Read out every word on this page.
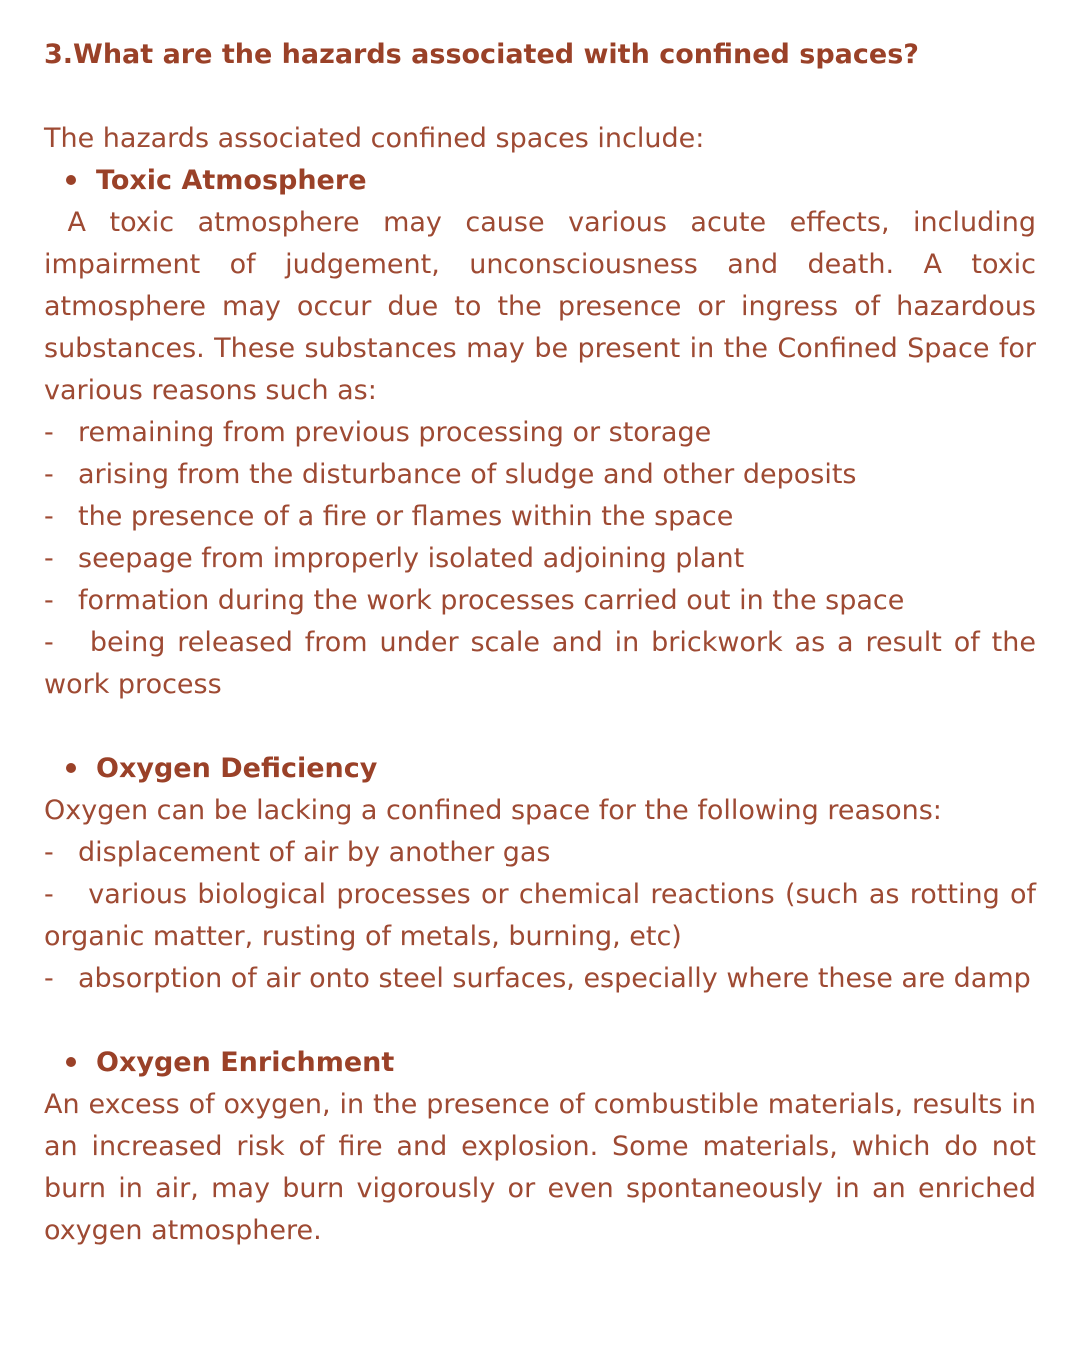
3.What are the hazards associated with confined spaces?

The hazards associated confined spaces include:

Toxic Atmosphere

A toxic atmosphere may cause various acute effects, including impairment of judgement, unconsciousness and death. A toxic atmosphere may occur due to the presence or ingress of hazardous substances. These substances may be present in the Confined Space for various reasons such as:

- remaining from previous processing or storage

- arising from the disturbance of sludge and other deposits

- the presence of a fire or flames within the space

- seepage from improperly isolated adjoining plant

- formation during the work processes carried out in the space

- being released from under scale and in brickwork as a result of the work process

Oxygen Deficiency

Oxygen can be lacking a confined space for the following reasons:

- displacement of air by another gas

- various biological processes or chemical reactions (such as rotting of organic matter, rusting of metals, burning, etc)

- absorption of air onto steel surfaces, especially where these are damp

Oxygen Enrichment

An excess of oxygen, in the presence of combustible materials, results in an increased risk of fire and explosion. Some materials, which do not burn in air, may burn vigorously or even spontaneously in an enriched oxygen atmosphere.
